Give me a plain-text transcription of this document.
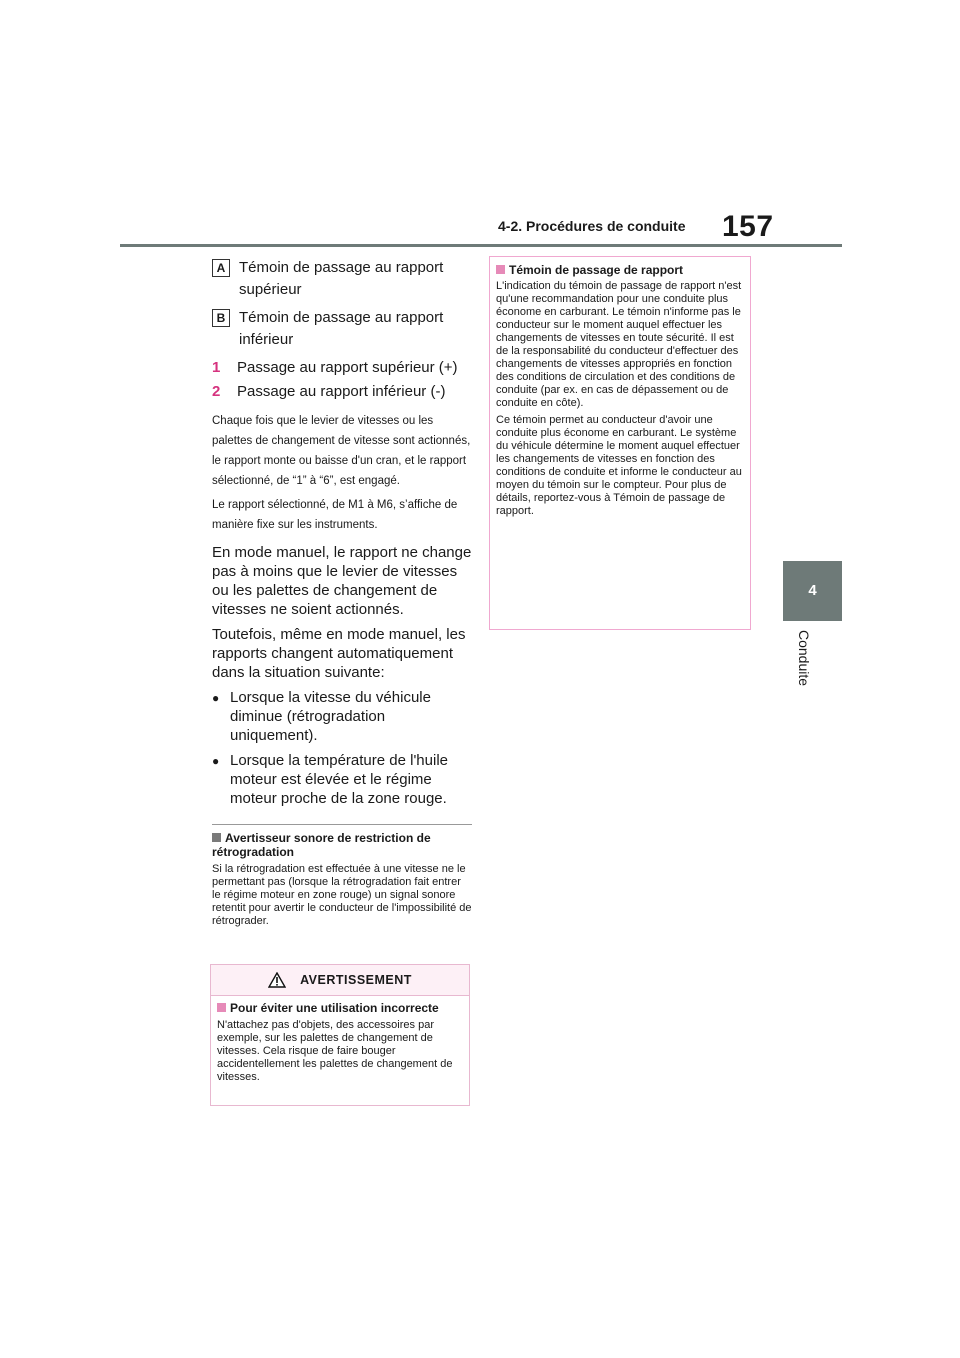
4-2. Procédures de conduite 157
4
Conduite
A Témoin de passage au rapport supérieur
B Témoin de passage au rapport inférieur
1	Passage au rapport supérieur (+)
2	Passage au rapport inférieur (-)

Chaque fois que le levier de vitesses ou les palettes de changement de vitesse sont actionnés, le rapport monte ou baisse d'un cran, et le rapport sélectionné, de “1” à “6”, est engagé.

Le rapport sélectionné, de M1 à M6, s’affiche de manière fixe sur les instruments.

En mode manuel, le rapport ne change pas à moins que le levier de vitesses ou les palettes de changement de vitesses ne soient actionnés.

Toutefois, même en mode manuel, les rapports changent automatiquement dans la situation suivante:

● Lorsque la vitesse du véhicule diminue (rétrogradation uniquement).
● Lorsque la température de l'huile moteur est élevée et le régime moteur proche de la zone rouge.
Avertisseur sonore de restriction de rétrogradation
Si la rétrogradation est effectuée à une vitesse ne le permettant pas (lorsque la rétrogradation fait entrer le régime moteur en zone rouge) un signal sonore retentit pour avertir le conducteur de l'impossibilité de rétrograder.
AVERTISSEMENT
Pour éviter une utilisation incorrecte
N'attachez pas d'objets, des accessoires par exemple, sur les palettes de changement de vitesses. Cela risque de faire bouger accidentellement les palettes de changement de vitesses.
Témoin de passage de rapport
L'indication du témoin de passage de rapport n'est qu'une recommandation pour une conduite plus économe en carburant. Le témoin n'informe pas le conducteur sur le moment auquel effectuer les changements de vitesses en toute sécurité. Il est de la responsabilité du conducteur d'effectuer des changements de vitesses appropriés en fonction des conditions de circulation et des conditions de conduite (par ex. en cas de dépassement ou de conduite en côte).
Ce témoin permet au conducteur d'avoir une conduite plus économe en carburant. Le système du véhicule détermine le moment auquel effectuer les changements de vitesses en fonction des conditions de conduite et informe le conducteur au moyen du témoin sur le compteur. Pour plus de détails, reportez-vous à Témoin de passage de rapport.
